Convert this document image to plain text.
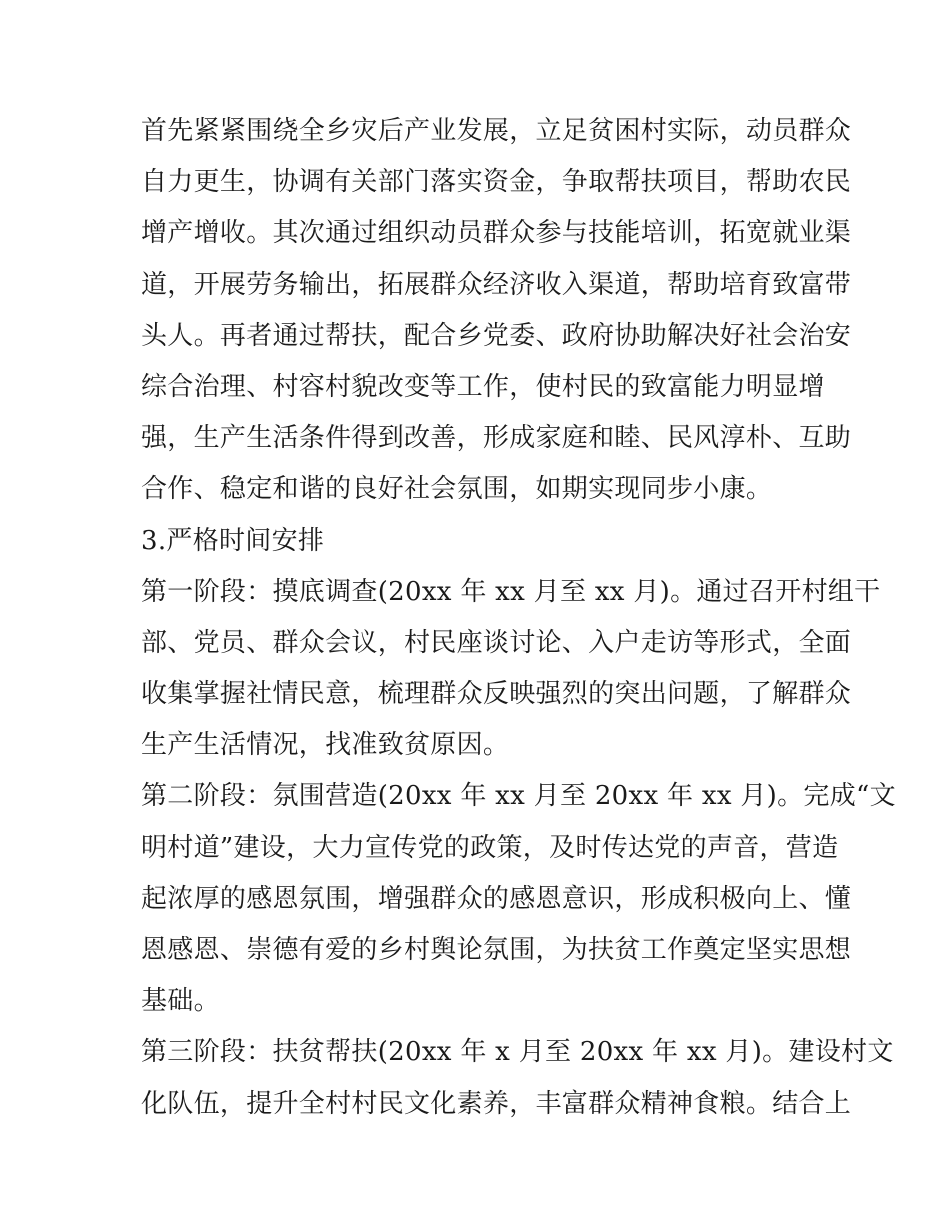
首先紧紧围绕全乡灾后产业发展，立足贫困村实际，动员群众
自力更生，协调有关部门落实资金，争取帮扶项目，帮助农民
增产增收。其次通过组织动员群众参与技能培训，拓宽就业渠
道，开展劳务输出，拓展群众经济收入渠道，帮助培育致富带
头人。再者通过帮扶，配合乡党委、政府协助解决好社会治安
综合治理、村容村貌改变等工作，使村民的致富能力明显增
强，生产生活条件得到改善，形成家庭和睦、民风淳朴、互助
合作、稳定和谐的良好社会氛围，如期实现同步小康。
3.严格时间安排
第一阶段：摸底调查(20xx 年 xx 月至 xx 月)。通过召开村组干
部、党员、群众会议，村民座谈讨论、入户走访等形式，全面
收集掌握社情民意，梳理群众反映强烈的突出问题，了解群众
生产生活情况，找准致贫原因。
第二阶段：氛围营造(20xx 年 xx 月至 20xx 年 xx 月)。完成“文
明村道”建设，大力宣传党的政策，及时传达党的声音，营造
起浓厚的感恩氛围，增强群众的感恩意识，形成积极向上、懂
恩感恩、崇德有爱的乡村舆论氛围，为扶贫工作奠定坚实思想
基础。
第三阶段：扶贫帮扶(20xx 年 x 月至 20xx 年 xx 月)。建设村文
化队伍，提升全村村民文化素养，丰富群众精神食粮。结合上
